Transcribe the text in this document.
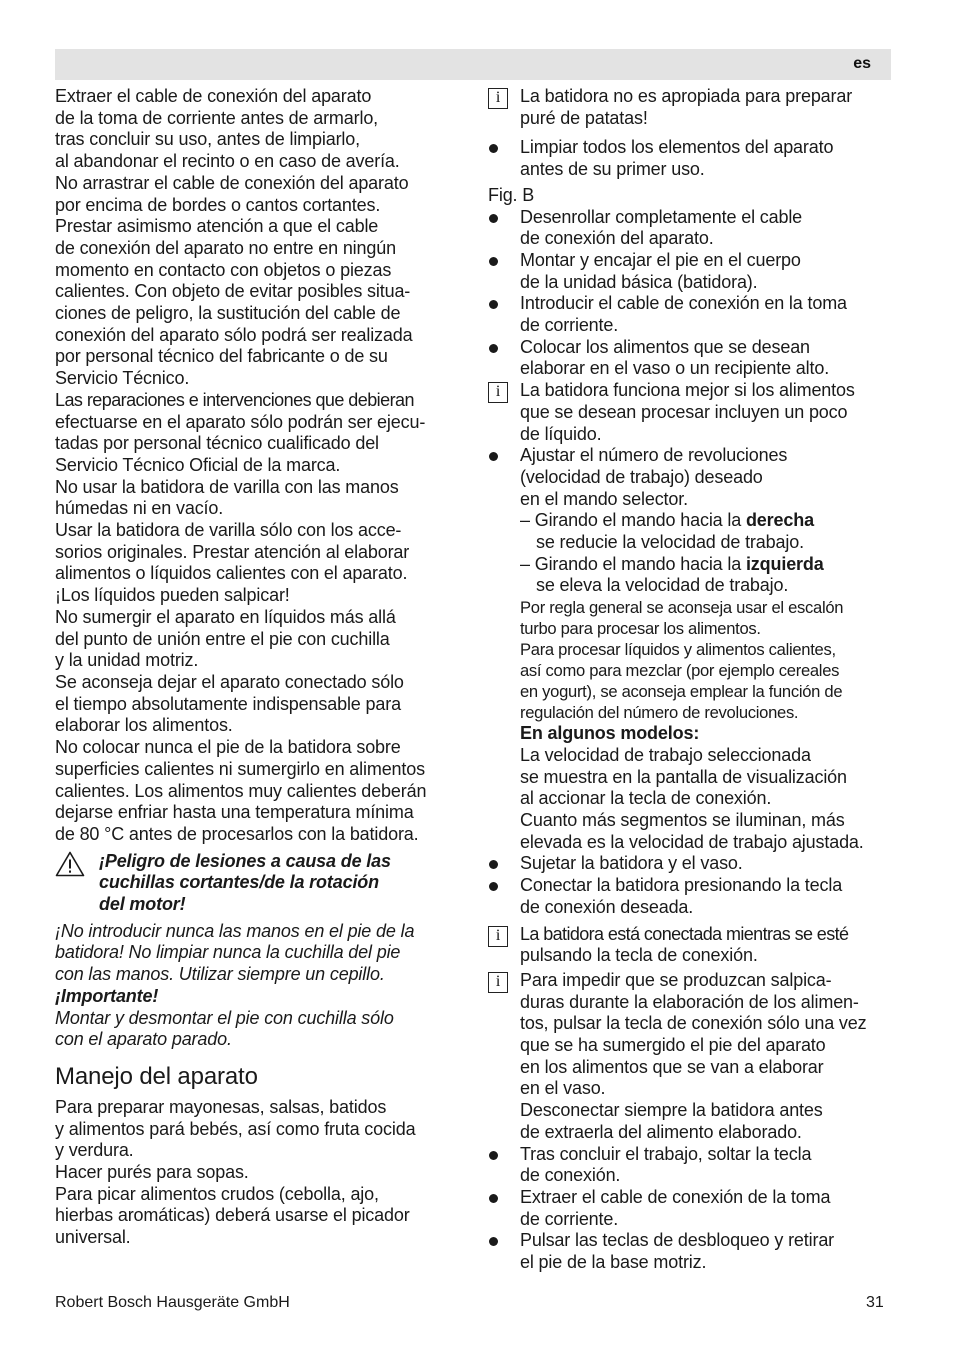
es
Extraer el cable de conexión del aparato
de la toma de corriente antes de armarlo,
tras concluir su uso, antes de limpiarlo,
al abandonar el recinto o en caso de avería.
No arrastrar el cable de conexión del aparato
por encima de bordes o cantos cortantes.
Prestar asimismo atención a que el cable
de conexión del aparato no entre en ningún
momento en contacto con objetos o piezas
calientes. Con objeto de evitar posibles situa-
ciones de peligro, la sustitución del cable de
conexión del aparato sólo podrá ser realizada
por personal técnico del fabricante o de su
Servicio Técnico.
Las reparaciones e intervenciones que debieran
efectuarse en el aparato sólo podrán ser ejecu-
tadas por personal técnico cualificado del
Servicio Técnico Oficial de la marca.
No usar la batidora de varilla con las manos
húmedas ni en vacío.
Usar la batidora de varilla sólo con los acce-
sorios originales. Prestar atención al elaborar
alimentos o líquidos calientes con el aparato.
¡Los líquidos pueden salpicar!
No sumergir el aparato en líquidos más allá
del punto de unión entre el pie con cuchilla
y la unidad motriz.
Se aconseja dejar el aparato conectado sólo
el tiempo absolutamente indispensable para
elaborar los alimentos.
No colocar nunca el pie de la batidora sobre
superficies calientes ni sumergirlo en alimentos
calientes. Los alimentos muy calientes deberán
dejarse enfriar hasta una temperatura mínima
de 80 °C antes de procesarlos con la batidora.
¡Peligro de lesiones a causa de las
cuchillas cortantes/de la rotación
del motor!
¡No introducir nunca las manos en el pie de la
batidora! No limpiar nunca la cuchilla del pie
con las manos. Utilizar siempre un cepillo.
¡Importante!
Montar y desmontar el pie con cuchilla sólo
con el aparato parado.
Manejo del aparato
Para preparar mayonesas, salsas, batidos
y alimentos pará bebés, así como fruta cocida
y verdura.
Hacer purés para sopas.
Para picar alimentos crudos (cebolla, ajo,
hierbas aromáticas) deberá usarse el picador
universal.
i	La batidora no es apropiada para preparar
puré de patatas!
Limpiar todos los elementos del aparato
antes de su primer uso.
Fig. B
Desenrollar completamente el cable
de conexión del aparato.
Montar y encajar el pie en el cuerpo
de la unidad básica (batidora).
Introducir el cable de conexión en la toma
de corriente.
Colocar los alimentos que se desean
elaborar en el vaso o un recipiente alto.
i	La batidora funciona mejor si los alimentos
que se desean procesar incluyen un poco
de líquido.
Ajustar el número de revoluciones
(velocidad de trabajo) deseado
en el mando selector.
– Girando el mando hacia la derecha
se reducie la velocidad de trabajo.
– Girando el mando hacia la izquierda
se eleva la velocidad de trabajo.
Por regla general se aconseja usar el escalón
turbo para procesar los alimentos.
Para procesar líquidos y alimentos calientes,
así como para mezclar (por ejemplo cereales
en yogurt), se aconseja emplear la función de
regulación del número de revoluciones.
En algunos modelos:
La velocidad de trabajo seleccionada
se muestra en la pantalla de visualización
al accionar la tecla de conexión.
Cuanto más segmentos se iluminan, más
elevada es la velocidad de trabajo ajustada.
Sujetar la batidora y el vaso.
Conectar la batidora presionando la tecla
de conexión deseada.
i	La batidora está conectada mientras se esté
pulsando la tecla de conexión.
i	Para impedir que se produzcan salpica-
duras durante la elaboración de los alimen-
tos, pulsar la tecla de conexión sólo una vez
que se ha sumergido el pie del aparato
en los alimentos que se van a elaborar
en el vaso.
Desconectar siempre la batidora antes
de extraerla del alimento elaborado.
Tras concluir el trabajo, soltar la tecla
de conexión.
Extraer el cable de conexión de la toma
de corriente.
Pulsar las teclas de desbloqueo y retirar
el pie de la base motriz.
Robert Bosch Hausgeräte GmbH	31
